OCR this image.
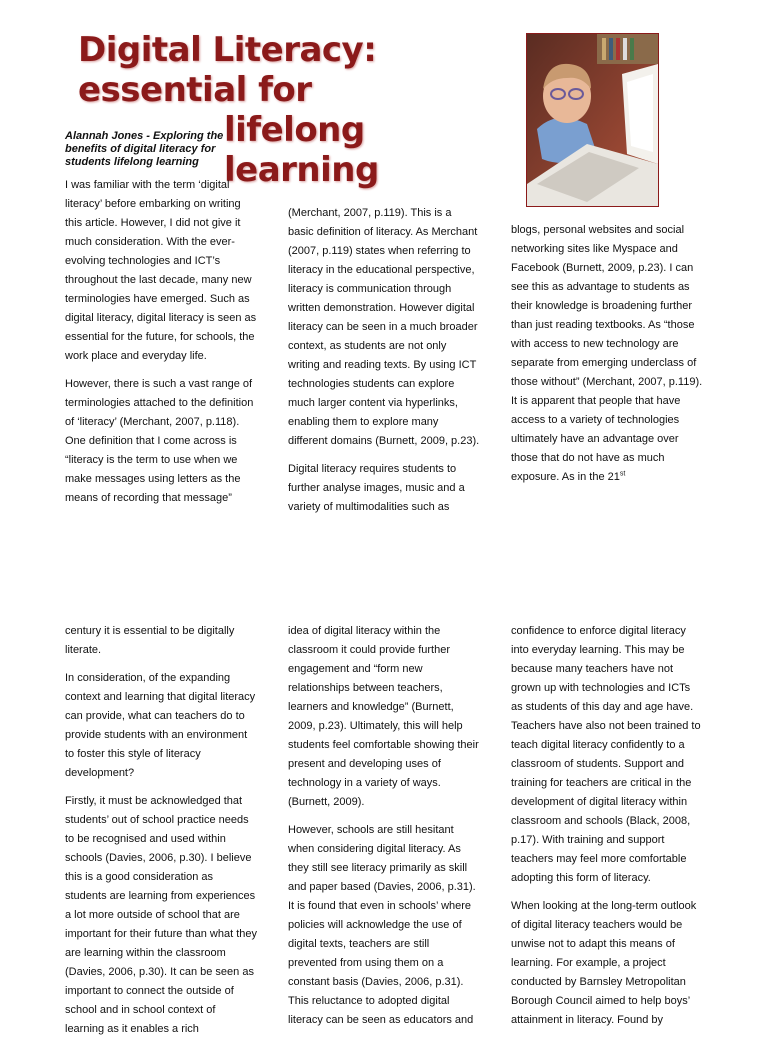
Digital Literacy: essential for
lifelong learning
Alannah Jones - Exploring the benefits of digital literacy for students lifelong learning

I was familiar with the term ‘digital literacy’ before embarking on writing this article. However, I did not give it much consideration. With the ever-evolving technologies and ICT’s throughout the last decade, many new terminologies have emerged. Such as digital literacy, digital literacy is seen as essential for the future, for schools, the work place and everyday life.

However, there is such a vast range of terminologies attached to the definition of ‘literacy’ (Merchant, 2007, p.118). One definition that I come across is “literacy is the term to use when we make messages using letters as the means of recording that message”

(Merchant, 2007, p.119). This is a basic definition of literacy. As Merchant (2007, p.119) states when referring to literacy in the educational perspective, literacy is communication through written demonstration. However digital literacy can be seen in a much broader context, as students are not only writing and reading texts. By using ICT technologies students can explore much larger content via hyperlinks, enabling them to explore many different domains (Burnett, 2009, p.23).

Digital literacy requires students to further analyse images, music and a variety of multimodalities such as

blogs, personal websites and social networking sites like Myspace and Facebook (Burnett, 2009, p.23). I can see this as advantage to students as their knowledge is broadening further than just reading textbooks. As “those with access to new technology are separate from emerging underclass of those without” (Merchant, 2007, p.119). It is apparent that people that have access to a variety of technologies ultimately have an advantage over those that do not have as much exposure. As in the 21st

century it is essential to be digitally literate.

In consideration, of the expanding context and learning that digital literacy can provide, what can teachers do to provide students with an environment to foster this style of literacy development?

Firstly, it must be acknowledged that students’ out of school practice needs to be recognised and used within schools (Davies, 2006, p.30). I believe this is a good consideration as students are learning from experiences a lot more outside of school that are important for their future than what they are learning within the classroom (Davies, 2006, p.30). It can be seen as important to connect the outside of school and in school context of learning as it enables a rich

idea of digital literacy within the classroom it could provide further engagement and “form new relationships between teachers, learners and knowledge” (Burnett, 2009, p.23). Ultimately, this will help students feel comfortable showing their present and developing uses of technology in a variety of ways. (Burnett, 2009).

However, schools are still hesitant when considering digital literacy. As they still see literacy primarily as skill and paper based (Davies, 2006, p.31). It is found that even in schools’ where policies will acknowledge the use of digital texts, teachers are still prevented from using them on a constant basis (Davies, 2006, p.31). This reluctance to adopted digital literacy can be seen as educators and

confidence to enforce digital literacy into everyday learning. This may be because many teachers have not grown up with technologies and ICTs as students of this day and age have. Teachers have also not been trained to teach digital literacy confidently to a classroom of students. Support and training for teachers are critical in the development of digital literacy within classroom and schools (Black, 2008, p.17). With training and support teachers may feel more comfortable adopting this form of literacy.

When looking at the long-term outlook of digital literacy teachers would be unwise not to adapt this means of learning. For example, a project conducted by Barnsley Metropolitan Borough Council aimed to help boys’ attainment in literacy. Found by
